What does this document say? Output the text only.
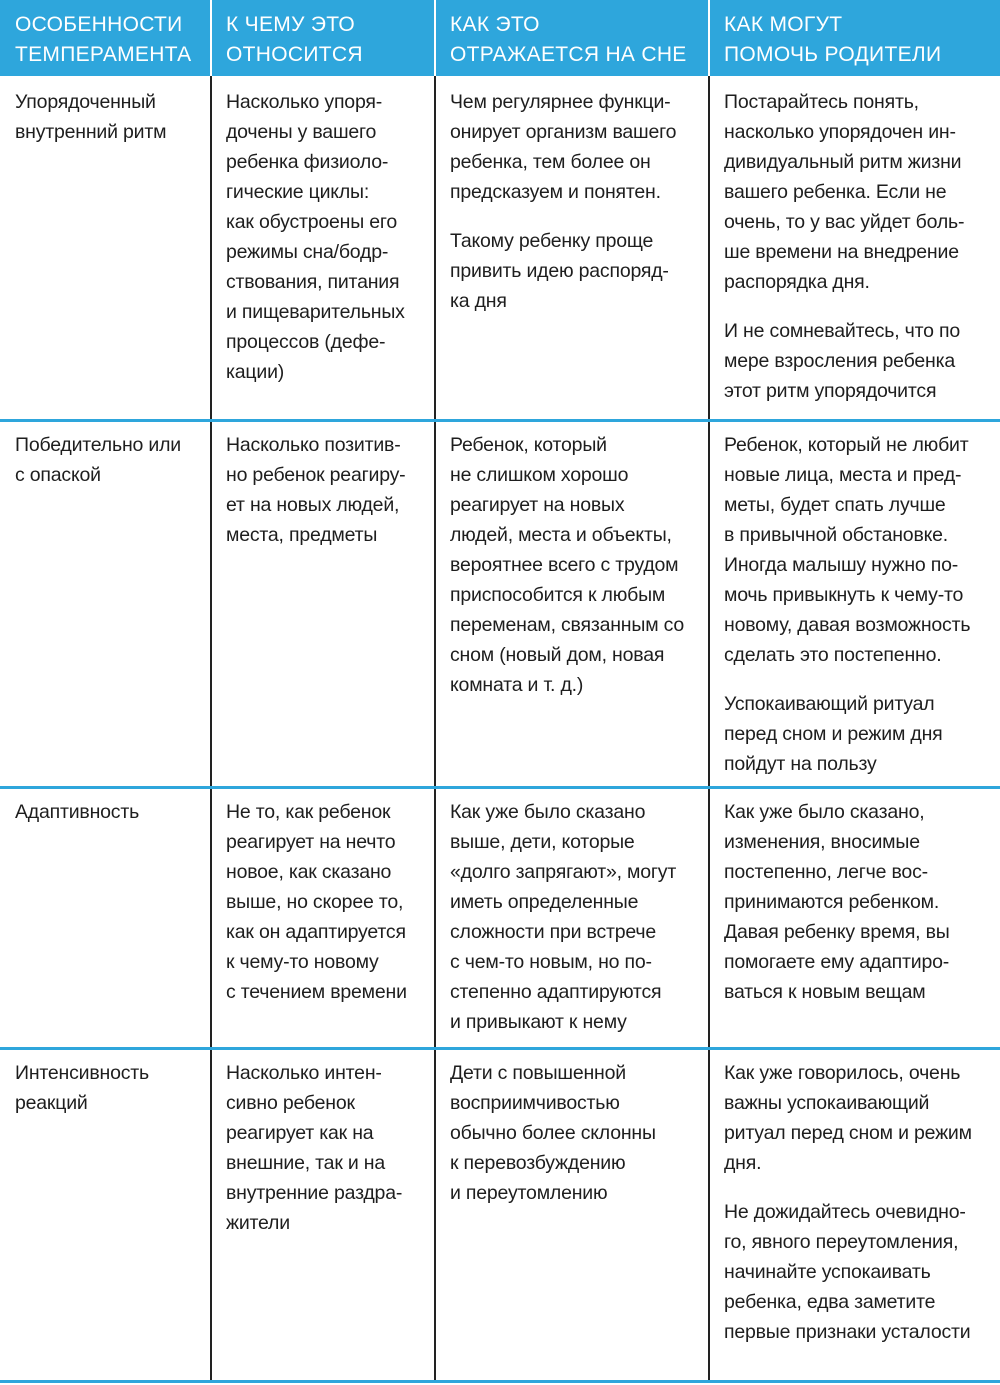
ОСОБЕННОСТИ
ТЕМПЕРАМЕНТА
К ЧЕМУ ЭТО
ОТНОСИТСЯ
КАК ЭТО
ОТРАЖАЕТСЯ НА СНЕ
КАК МОГУТ
ПОМОЧЬ РОДИТЕЛИ

Упорядоченный
внутренний ритм

Насколько упоря-
дочены у вашего
ребенка физиоло-
гические циклы:
как обустроены его
режимы сна/бодр-
ствования, питания
и пищеварительных
процессов (дефе-
кации)

Чем регулярнее функци-
онирует организм вашего
ребенка, тем более он
предсказуем и понятен.

Такому ребенку проще
привить идею распоряд-
ка дня

Постарайтесь понять,
насколько упорядочен ин-
дивидуальный ритм жизни
вашего ребенка. Если не
очень, то у вас уйдет боль-
ше времени на внедрение
распорядка дня.

И не сомневайтесь, что по
мере взросления ребенка
этот ритм упорядочится

Победительно или
с опаской

Насколько позитив-
но ребенок реагиру-
ет на новых людей,
места, предметы

Ребенок, который
не слишком хорошо
реагирует на новых
людей, места и объекты,
вероятнее всего с трудом
приспособится к любым
переменам, связанным со
сном (новый дом, новая
комната и т. д.)

Ребенок, который не любит
новые лица, места и пред-
меты, будет спать лучше
в привычной обстановке.
Иногда малышу нужно по-
мочь привыкнуть к чему-то
новому, давая возможность
сделать это постепенно.

Успокаивающий ритуал
перед сном и режим дня
пойдут на пользу

Адаптивность	Не то, как ребенок
реагирует на нечто
новое, как сказано
выше, но скорее то,
как он адаптируется
к чему-то новому
с течением времени

Как уже было сказано
выше, дети, которые
«долго запрягают», могут
иметь определенные
сложности при встрече
с чем-то новым, но по-
степенно адаптируются
и привыкают к нему

Как уже было сказано,
изменения, вносимые
постепенно, легче вос-
принимаются ребенком.
Давая ребенку время, вы
помогаете ему адаптиро-
ваться к новым вещам

Интенсивность
реакций

Насколько интен-
сивно ребенок
реагирует как на
внешние, так и на
внутренние раздра-
жители

Дети с повышенной
восприимчивостью
обычно более склонны
к перевозбуждению
и переутомлению

Как уже говорилось, очень
важны успокаивающий
ритуал перед сном и режим
дня.

Не дожидайтесь очевидно-
го, явного переутомления,
начинайте успокаивать
ребенка, едва заметите
первые признаки усталости
